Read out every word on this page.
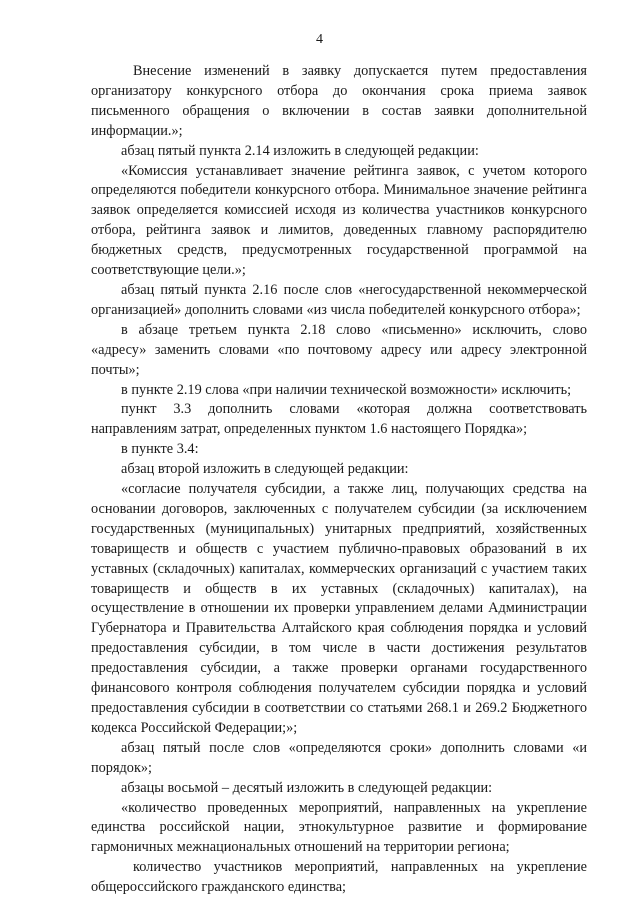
4

Внесение изменений в заявку допускается путем предоставления организатору конкурсного отбора до окончания срока приема заявок письменного обращения о включении в состав заявки дополнительной информации.»;

абзац пятый пункта 2.14 изложить в следующей редакции:

«Комиссия устанавливает значение рейтинга заявок, с учетом которого определяются победители конкурсного отбора. Минимальное значение рейтинга заявок определяется комиссией исходя из количества участников конкурсного отбора, рейтинга заявок и лимитов, доведенных главному распорядителю бюджетных средств, предусмотренных государственной программой на соответствующие цели.»;

абзац пятый пункта 2.16 после слов «негосударственной некоммерческой организацией» дополнить словами «из числа победителей конкурсного отбора»;

в абзаце третьем пункта 2.18 слово «письменно» исключить, слово «адресу» заменить словами «по почтовому адресу или адресу электронной почты»;

в пункте 2.19 слова «при наличии технической возможности» исключить;

пункт 3.3 дополнить словами «которая должна соответствовать направлениям затрат, определенных пунктом 1.6 настоящего Порядка»;

в пункте 3.4:

абзац второй изложить в следующей редакции:

«согласие получателя субсидии, а также лиц, получающих средства на основании договоров, заключенных с получателем субсидии (за исключением государственных (муниципальных) унитарных предприятий, хозяйственных товариществ и обществ с участием публично-правовых образований в их уставных (складочных) капиталах, коммерческих организаций с участием таких товариществ и обществ в их уставных (складочных) капиталах), на осуществление в отношении их проверки управлением делами Администрации Губернатора и Правительства Алтайского края соблюдения порядка и условий предоставления субсидии, в том числе в части достижения результатов предоставления субсидии, а также проверки органами государственного финансового контроля соблюдения получателем субсидии порядка и условий предоставления субсидии в соответствии со статьями 268.1 и 269.2 Бюджетного кодекса Российской Федерации;»;

абзац пятый после слов «определяются сроки» дополнить словами «и порядок»;

абзацы восьмой – десятый изложить в следующей редакции:

«количество проведенных мероприятий, направленных на укрепление единства российской нации, этнокультурное развитие и формирование гармоничных межнациональных отношений на территории региона;

количество участников мероприятий, направленных на укрепление общероссийского гражданского единства;
